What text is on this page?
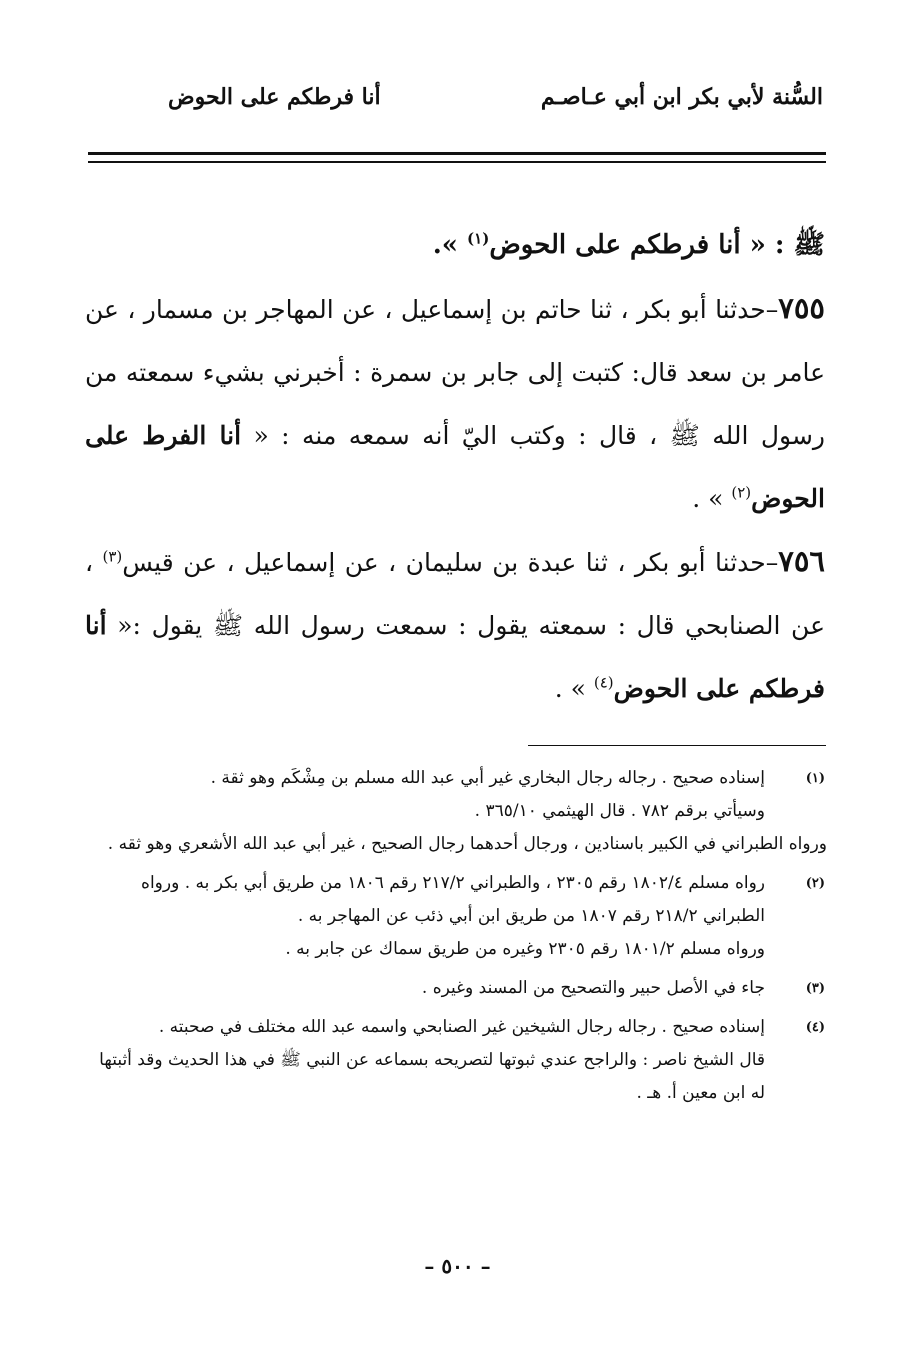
السُّنة لأبي بكر ابن أبي عـاصـم
أنا فرطكم على الحوض

ﷺ : « أنا فرطكم على الحوض$^{(١)}$ ».

٧٥٥–حدثنا أبو بكر ، ثنا حاتم بن إسماعيل ، عن المهاجر بن مسمار ، عن عامر بن سعد قال: كتبت إلى جابر بن سمرة : أخبرني بشيء سمعته من رسول الله ﷺ ، قال : وكتب اليّ أنه سمعه منه : « أنا الفرط على الحوض$^{(٢)}$ » .

٧٥٦–حدثنا أبو بكر ، ثنا عبدة بن سليمان ، عن إسماعيل ، عن قيس$^{(٣)}$ ، عن الصنابحي قال : سمعته يقول : سمعت رسول الله ﷺ يقول :« أنا فرطكم على الحوض$^{(٤)}$ » .

(١)

إسناده صحيح . رجاله رجال البخاري غير أبي عبد الله مسلم بن مِشْكَم وهو ثقة .

وسيأتي برقم ٧٨٢ . قال الهيثمي ٣٦٥/١٠ .

ورواه الطبراني في الكبير باسنادين ، ورجال أحدهما رجال الصحيح ، غير أبي عبد الله الأشعري وهو ثقه .

(٢)

رواه مسلم ١٨٠٢/٤ رقم ٢٣٠٥ ، والطبراني ٢١٧/٢ رقم ١٨٠٦ من طريق أبي بكر به . ورواه الطبراني ٢١٨/٢ رقم ١٨٠٧ من طريق ابن أبي ذئب عن المهاجر به .

ورواه مسلم ١٨٠١/٢ رقم ٢٣٠٥ وغيره من طريق سماك عن جابر به .

(٣)

جاء في الأصل حبير والتصحيح من المسند وغيره .

(٤)

إسناده صحيح . رجاله رجال الشيخين غير الصنابحي واسمه عبد الله مختلف في صحبته .

قال الشيخ ناصر : والراجح عندي ثبوتها لتصريحه بسماعه عن النبي ﷺ في هذا الحديث وقد أثبتها له ابن معين أ. هـ .

– ٥٠٠ –
